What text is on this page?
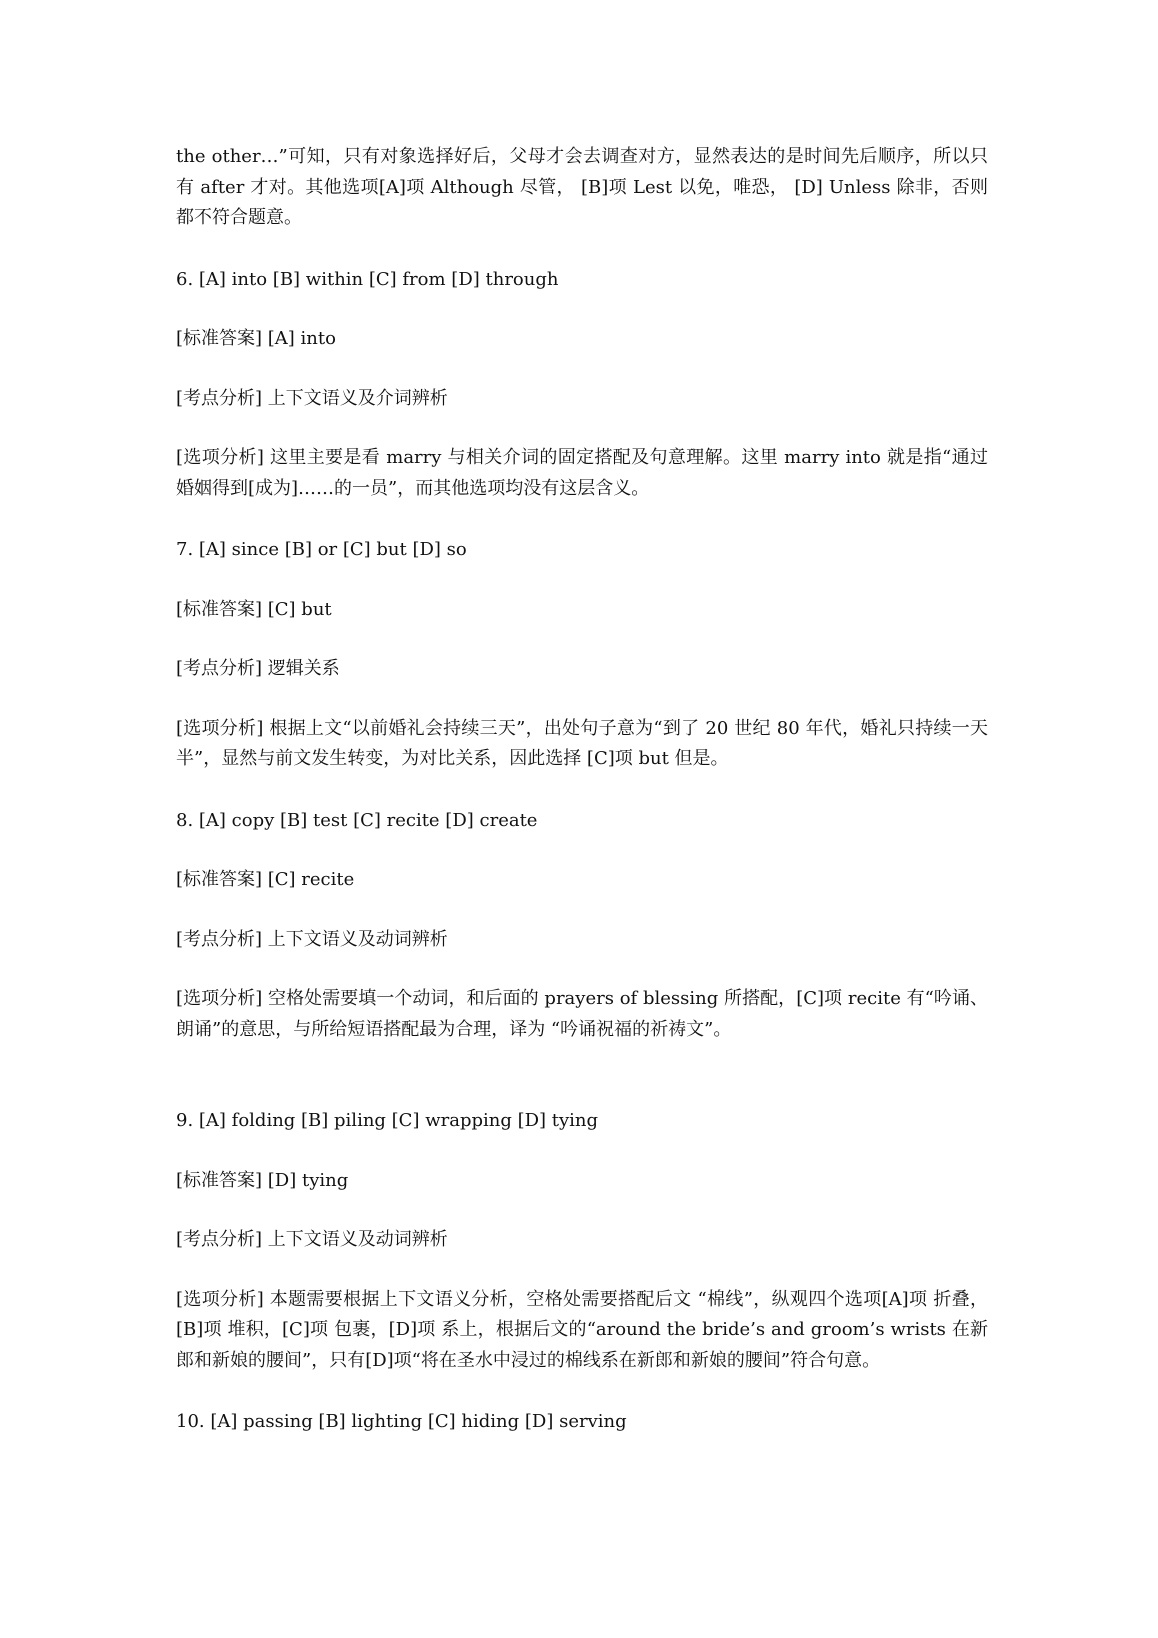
the other…”可知，只有对象选择好后，父母才会去调查对方，显然表达的是时间先后顺序，所以只有 after 才对。其他选项[A]项 Although 尽管， [B]项 Lest 以免，唯恐， [D] Unless 除非，否则都不符合题意。

6. [A] into [B] within [C] from [D] through

[标准答案] [A] into

[考点分析] 上下文语义及介词辨析

[选项分析] 这里主要是看 marry 与相关介词的固定搭配及句意理解。这里 marry into 就是指“通过婚姻得到[成为]……的一员”，而其他选项均没有这层含义。

7. [A] since [B] or [C] but [D] so

[标准答案] [C] but

[考点分析] 逻辑关系

[选项分析] 根据上文“以前婚礼会持续三天”，出处句子意为“到了 20 世纪 80 年代，婚礼只持续一天半”，显然与前文发生转变，为对比关系，因此选择 [C]项 but 但是。

8. [A] copy [B] test [C] recite [D] create

[标准答案] [C] recite

[考点分析] 上下文语义及动词辨析

[选项分析] 空格处需要填一个动词，和后面的 prayers of blessing 所搭配，[C]项 recite 有“吟诵、朗诵”的意思，与所给短语搭配最为合理，译为 “吟诵祝福的祈祷文”。

9. [A] folding [B] piling [C] wrapping [D] tying

[标准答案] [D] tying

[考点分析] 上下文语义及动词辨析

[选项分析] 本题需要根据上下文语义分析，空格处需要搭配后文 “棉线”，纵观四个选项[A]项 折叠，[B]项 堆积，[C]项 包裹，[D]项 系上，根据后文的“around the bride’s and groom’s wrists 在新郎和新娘的腰间”，只有[D]项“将在圣水中浸过的棉线系在新郎和新娘的腰间”符合句意。

10. [A] passing [B] lighting [C] hiding [D] serving
